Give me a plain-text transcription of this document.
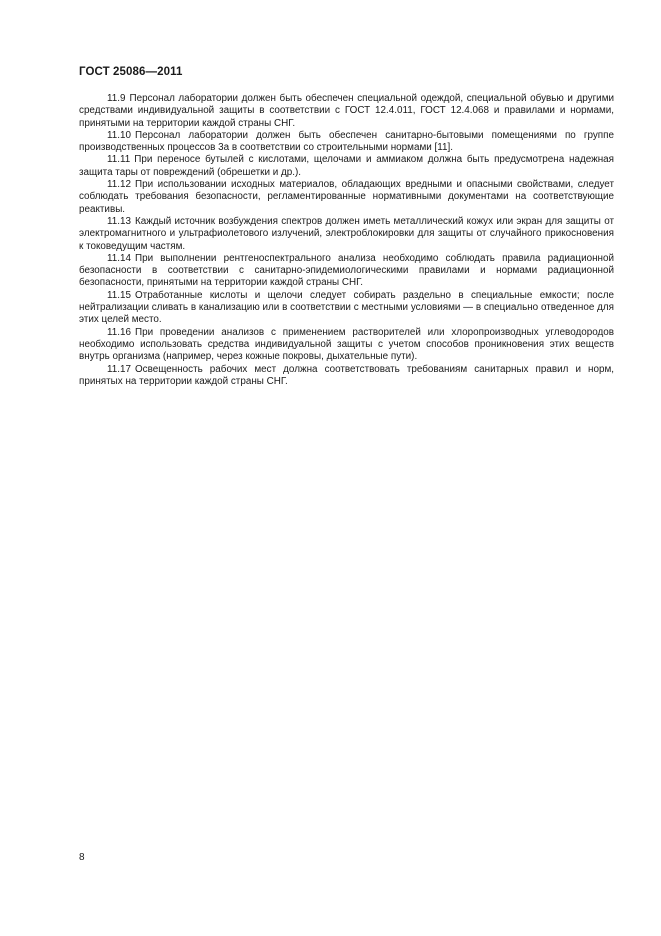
ГОСТ 25086—2011

11.9 Персонал лаборатории должен быть обеспечен специальной одеждой, специальной обувью и другими средствами индивидуальной защиты в соответствии с ГОСТ 12.4.011, ГОСТ 12.4.068 и правилами и нормами, принятыми на территории каждой страны СНГ.

11.10 Персонал лаборатории должен быть обеспечен санитарно-бытовыми помещениями по группе производственных процессов 3а в соответствии со строительными нормами [11].

11.11 При переносе бутылей с кислотами, щелочами и аммиаком должна быть предусмотрена надежная защита тары от повреждений (обрешетки и др.).

11.12 При использовании исходных материалов, обладающих вредными и опасными свойствами, следует соблюдать требования безопасности, регламентированные нормативными документами на соответствующие реактивы.

11.13 Каждый источник возбуждения спектров должен иметь металлический кожух или экран для защиты от электромагнитного и ультрафиолетового излучений, электроблокировки для защиты от случайного прикосновения к токоведущим частям.

11.14 При выполнении рентгеноспектрального анализа необходимо соблюдать правила радиационной безопасности в соответствии с санитарно-эпидемиологическими правилами и нормами радиационной безопасности, принятыми на территории каждой страны СНГ.

11.15 Отработанные кислоты и щелочи следует собирать раздельно в специальные емкости; после нейтрализации сливать в канализацию или в соответствии с местными условиями — в специально отведенное для этих целей место.

11.16 При проведении анализов с применением растворителей или хлоропроизводных углеводородов необходимо использовать средства индивидуальной защиты с учетом способов проникновения этих веществ внутрь организма (например, через кожные покровы, дыхательные пути).

11.17 Освещенность рабочих мест должна соответствовать требованиям санитарных правил и норм, принятых на территории каждой страны СНГ.

8
